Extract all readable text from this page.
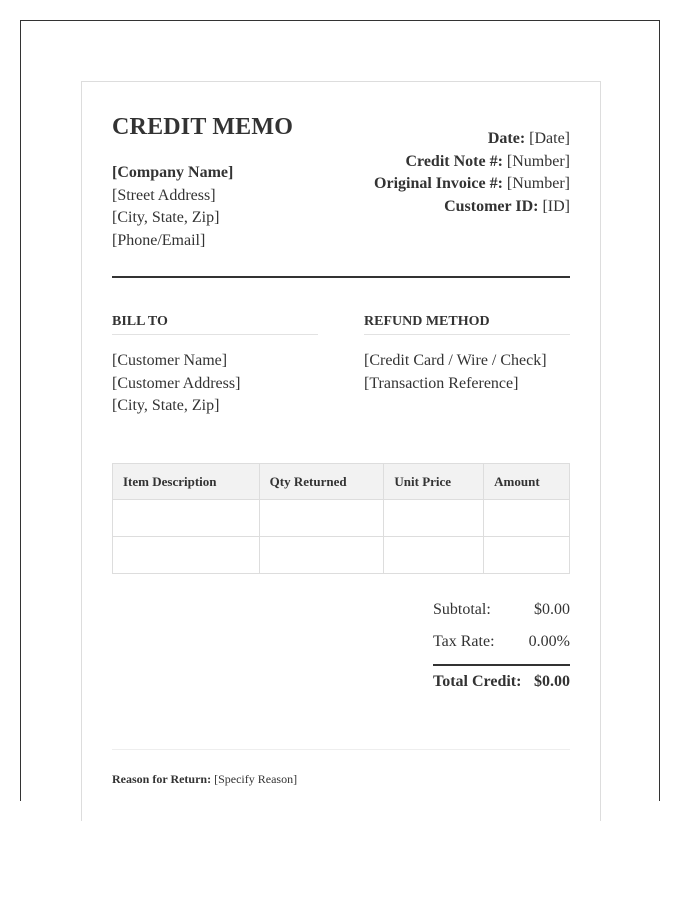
CREDIT MEMO
[Company Name]
[Street Address]
[City, State, Zip]
[Phone/Email]
Date: [Date]
Credit Note #: [Number]
Original Invoice #: [Number]
Customer ID: [ID]
BILL TO	REFUND METHOD
[Customer Name]
[Customer Address]
[City, State, Zip]
[Credit Card / Wire / Check]
[Transaction Reference]
Item Description	Qty Returned	Unit Price	Amount

Subtotal:	$0.00
Tax Rate: 0.00%
Total Credit: $0.00
Reason for Return: [Specify Reason]
